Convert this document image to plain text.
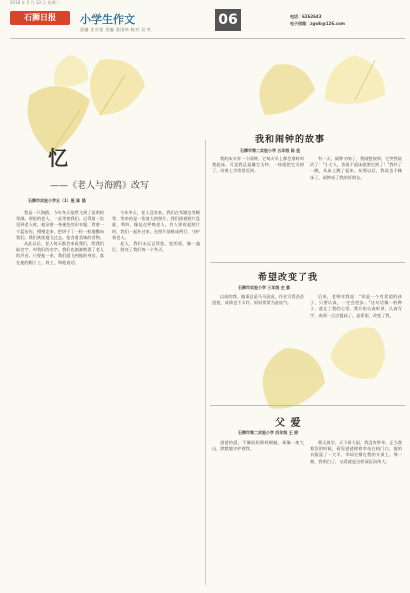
2018 年 5 月 10 日 星期二
石狮日报	小学生作文
责编 庄宗伦 美编 张国伟 校对 吴 红
06	电话：6262643
电子信箱：zgwb@126.com
忆
——《老人与海鸥》改写
石狮市实验小学五（1）班 陈 涵

我是一只海鸥，今年冬天依然飞到了昆明的翠湖。那里的老人，一直等着我们。记得第一次见到老人时，他穿着一身褪色的旧衣服，背着一个蓝布包，慢慢走来，把饼干丁一粒一粒地撒向我们。我们欢快地飞过去，抢食着美味的食物。

从此以后，老人每天都会来看我们，给我们取名字，叫我们的名字。我们也渐渐熟悉了老人的声音，只要他一来，我们就飞到他的身边，落在他的帽子上、肩上，和他说话。

今年冬天，老人没有来。我们在翠湖边等啊等，等来的是一张放大的照片。我们围着照片盘旋、鸣叫，像是在呼唤老人。有人要收起照片时，我们一起扑过来，在照片前排成两行，守护着老人。

老人，我们永远记得您。您的爱，像一盏灯，照亮了我们每一个冬天。

我和闹钟的故事
石狮市第二实验小学 五年级 陈 佳

我的床头有一个闹钟，它每天早上都会准时叫我起床。可是我总是嫌它太吵，一按就把它关掉了，结果上学常常迟到。

有一天，闹钟又响了，我刚想按掉，它突然说话了："小主人，你再不起床就要迟到了！"我吓了一跳，从床上跳了起来。从那以后，我再也不赖床了，闹钟成了我的好朋友。

希望改变了我
石狮市实验小学 三年级 庄 紫

以前的我，做事总是马马虎虎，作业写得歪歪扭扭，成绩也不太好。妈妈常常为此叹气。

后来，老师对我说："你是一个有希望的孩子，只要认真，一定会进步。"这句话像一粒种子，落在了我的心里。我开始认真听讲，认真写字，成绩一点点提高了。是希望，改变了我。

父 爱
石狮市第二实验小学 四年级 王 丽

爸爸的爱，不像妈妈那样细腻，却像一座大山，默默地守护着我。

那天放学，天下着大雨，我没有带伞。正当我着急的时候，看见爸爸撑着伞站在校门口，他的衣服湿了一大半，伞却全撑在我的头顶上。那一刻，我明白了，父爱就是这样深沉而伟大。
